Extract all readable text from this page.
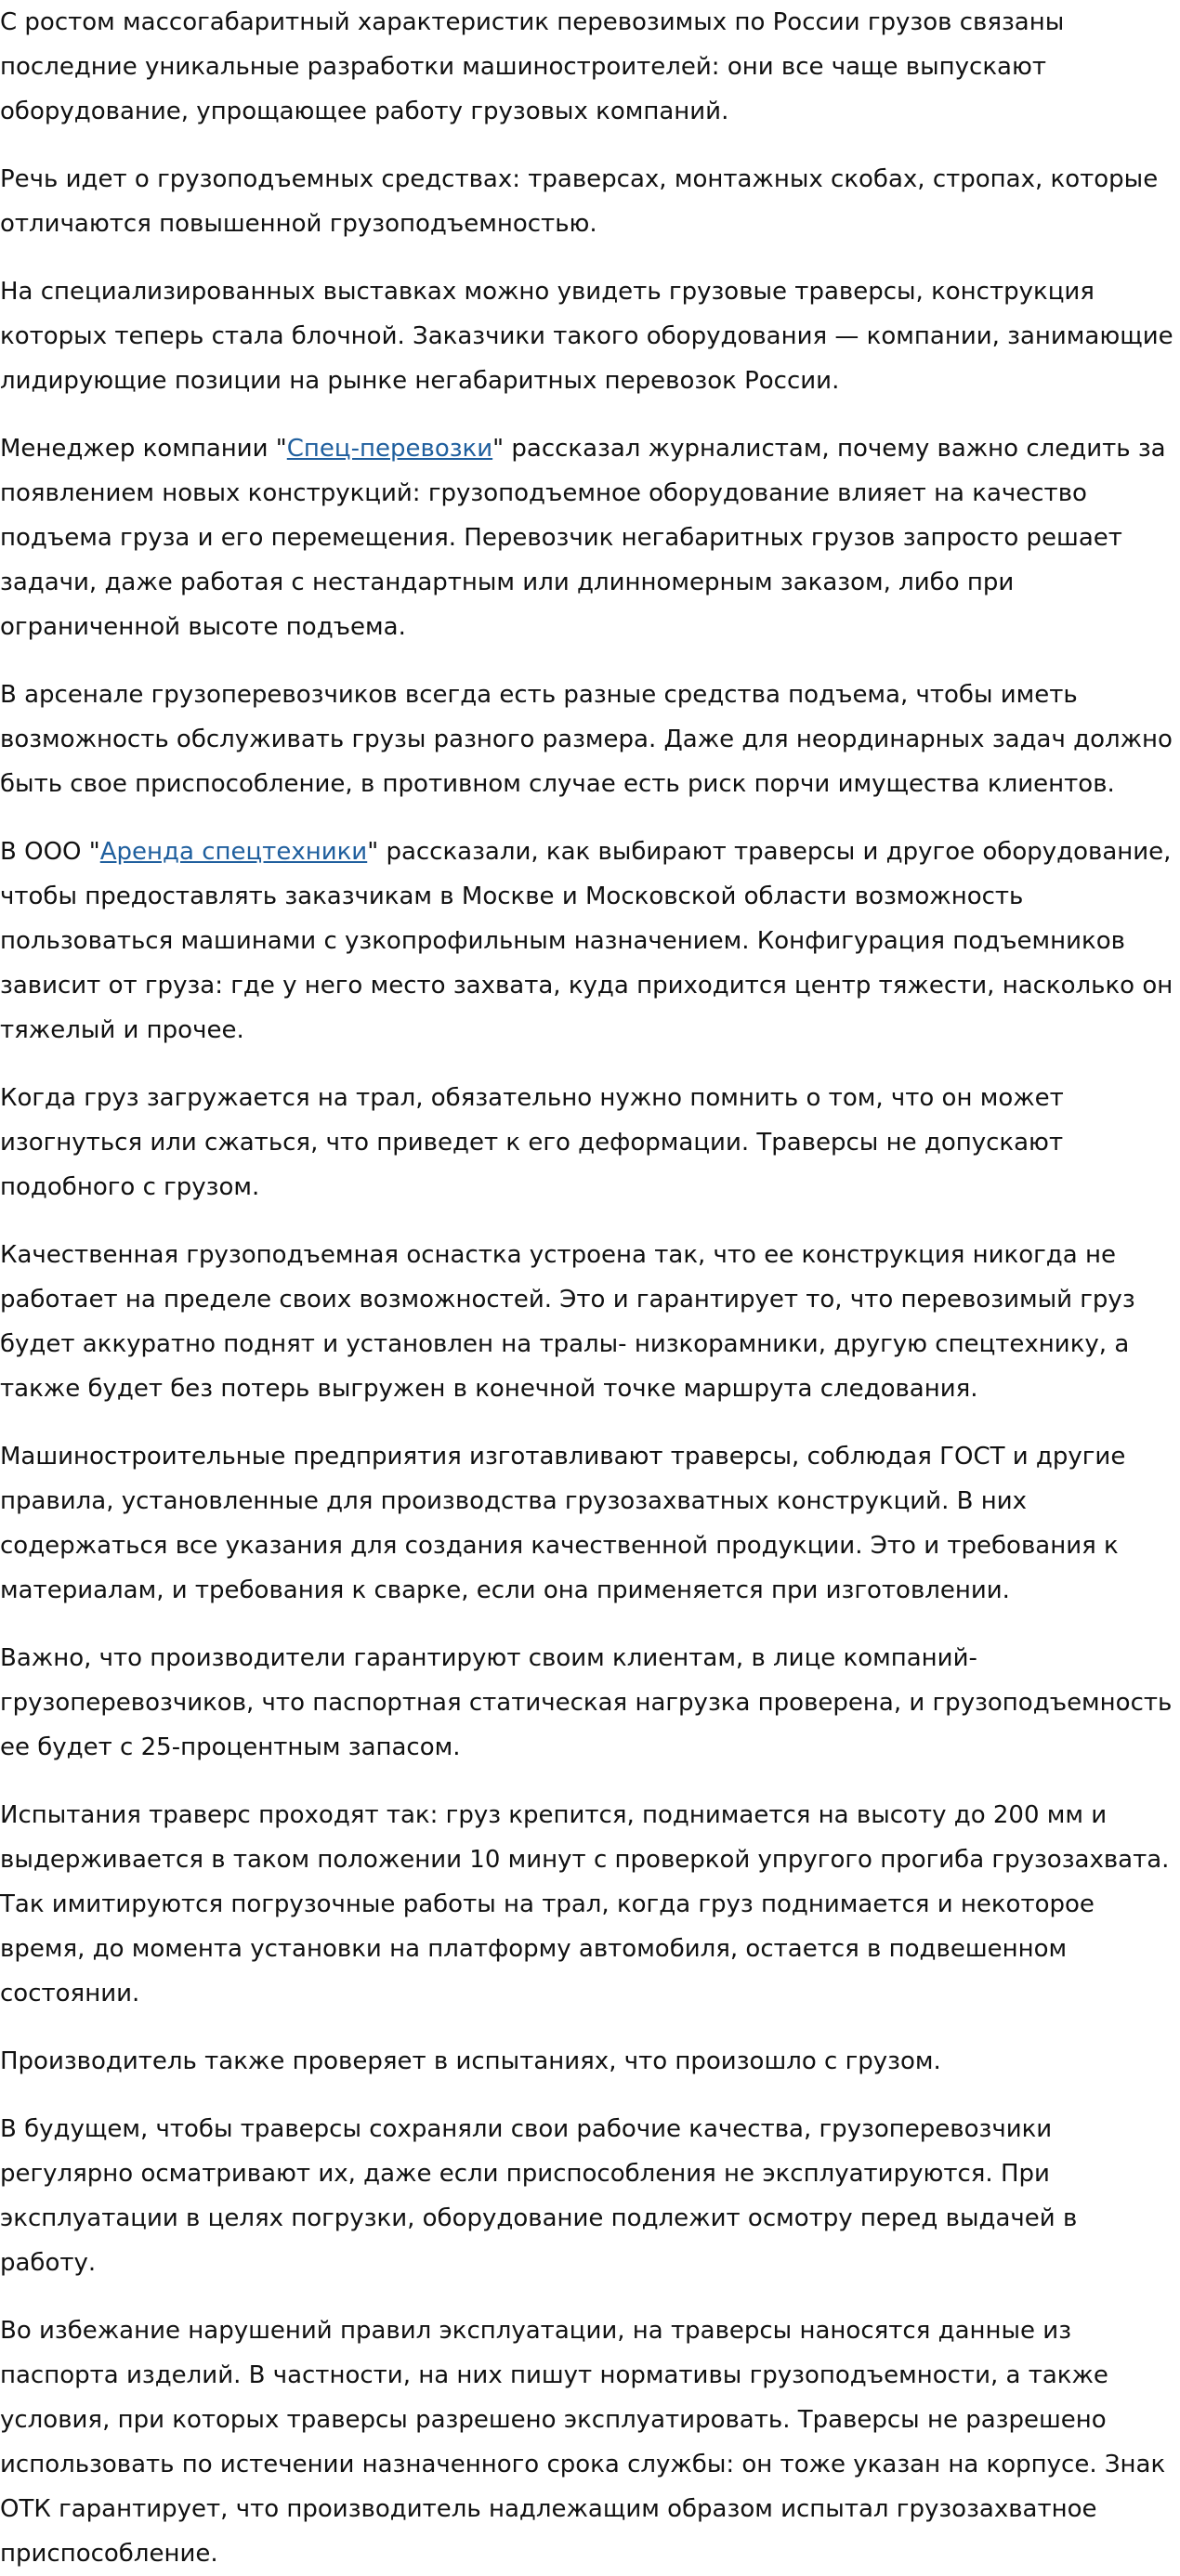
С ростом массогабаритный характеристик перевозимых по России грузов связаны последние уникальные разработки машиностроителей: они все чаще выпускают оборудование, упрощающее работу грузовых компаний.

Речь идет о грузоподъемных средствах: траверсах, монтажных скобах, стропах, которые отличаются повышенной грузоподъемностью.

На специализированных выставках можно увидеть грузовые траверсы, конструкция которых теперь стала блочной. Заказчики такого оборудования — компании, занимающие лидирующие позиции на рынке негабаритных перевозок России.

Менеджер компании "Спец-перевозки" рассказал журналистам, почему важно следить за появлением новых конструкций: грузоподъемное оборудование влияет на качество подъема груза и его перемещения. Перевозчик негабаритных грузов запросто решает задачи, даже работая с нестандартным или длинномерным заказом, либо при ограниченной высоте подъема.

В арсенале грузоперевозчиков всегда есть разные средства подъема, чтобы иметь возможность обслуживать грузы разного размера. Даже для неординарных задач должно быть свое приспособление, в противном случае есть риск порчи имущества клиентов.

В ООО "Аренда спецтехники" рассказали, как выбирают траверсы и другое оборудование, чтобы предоставлять заказчикам в Москве и Московской области возможность пользоваться машинами с узкопрофильным назначением. Конфигурация подъемников зависит от груза: где у него место захвата, куда приходится центр тяжести, насколько он тяжелый и прочее.

Когда груз загружается на трал, обязательно нужно помнить о том, что он может изогнуться или сжаться, что приведет к его деформации. Траверсы не допускают подобного с грузом.

Качественная грузоподъемная оснастка устроена так, что ее конструкция никогда не работает на пределе своих возможностей. Это и гарантирует то, что перевозимый груз будет аккуратно поднят и установлен на тралы- низкорамники, другую спецтехнику, а также будет без потерь выгружен в конечной точке маршрута следования.

Машиностроительные предприятия изготавливают траверсы, соблюдая ГОСТ и другие правила, установленные для производства грузозахватных конструкций. В них содержаться все указания для создания качественной продукции. Это и требования к материалам, и требования к сварке, если она применяется при изготовлении.

Важно, что производители гарантируют своим клиентам, в лице компаний-грузоперевозчиков, что паспортная статическая нагрузка проверена, и грузоподъемность ее будет с 25-процентным запасом.

Испытания траверс проходят так: груз крепится, поднимается на высоту до 200 мм и выдерживается в таком положении 10 минут с проверкой упругого прогиба грузозахвата. Так имитируются погрузочные работы на трал, когда груз поднимается и некоторое время, до момента установки на платформу автомобиля, остается в подвешенном состоянии.

Производитель также проверяет в испытаниях, что произошло с грузом.

В будущем, чтобы траверсы сохраняли свои рабочие качества, грузоперевозчики регулярно осматривают их, даже если приспособления не эксплуатируются. При эксплуатации в целях погрузки, оборудование подлежит осмотру перед выдачей в работу.

Во избежание нарушений правил эксплуатации, на траверсы наносятся данные из паспорта изделий. В частности, на них пишут нормативы грузоподъемности, а также условия, при которых траверсы разрешено эксплуатировать. Траверсы не разрешено использовать по истечении назначенного срока службы: он тоже указан на корпусе. Знак ОТК гарантирует, что производитель надлежащим образом испытал грузозахватное приспособление.
